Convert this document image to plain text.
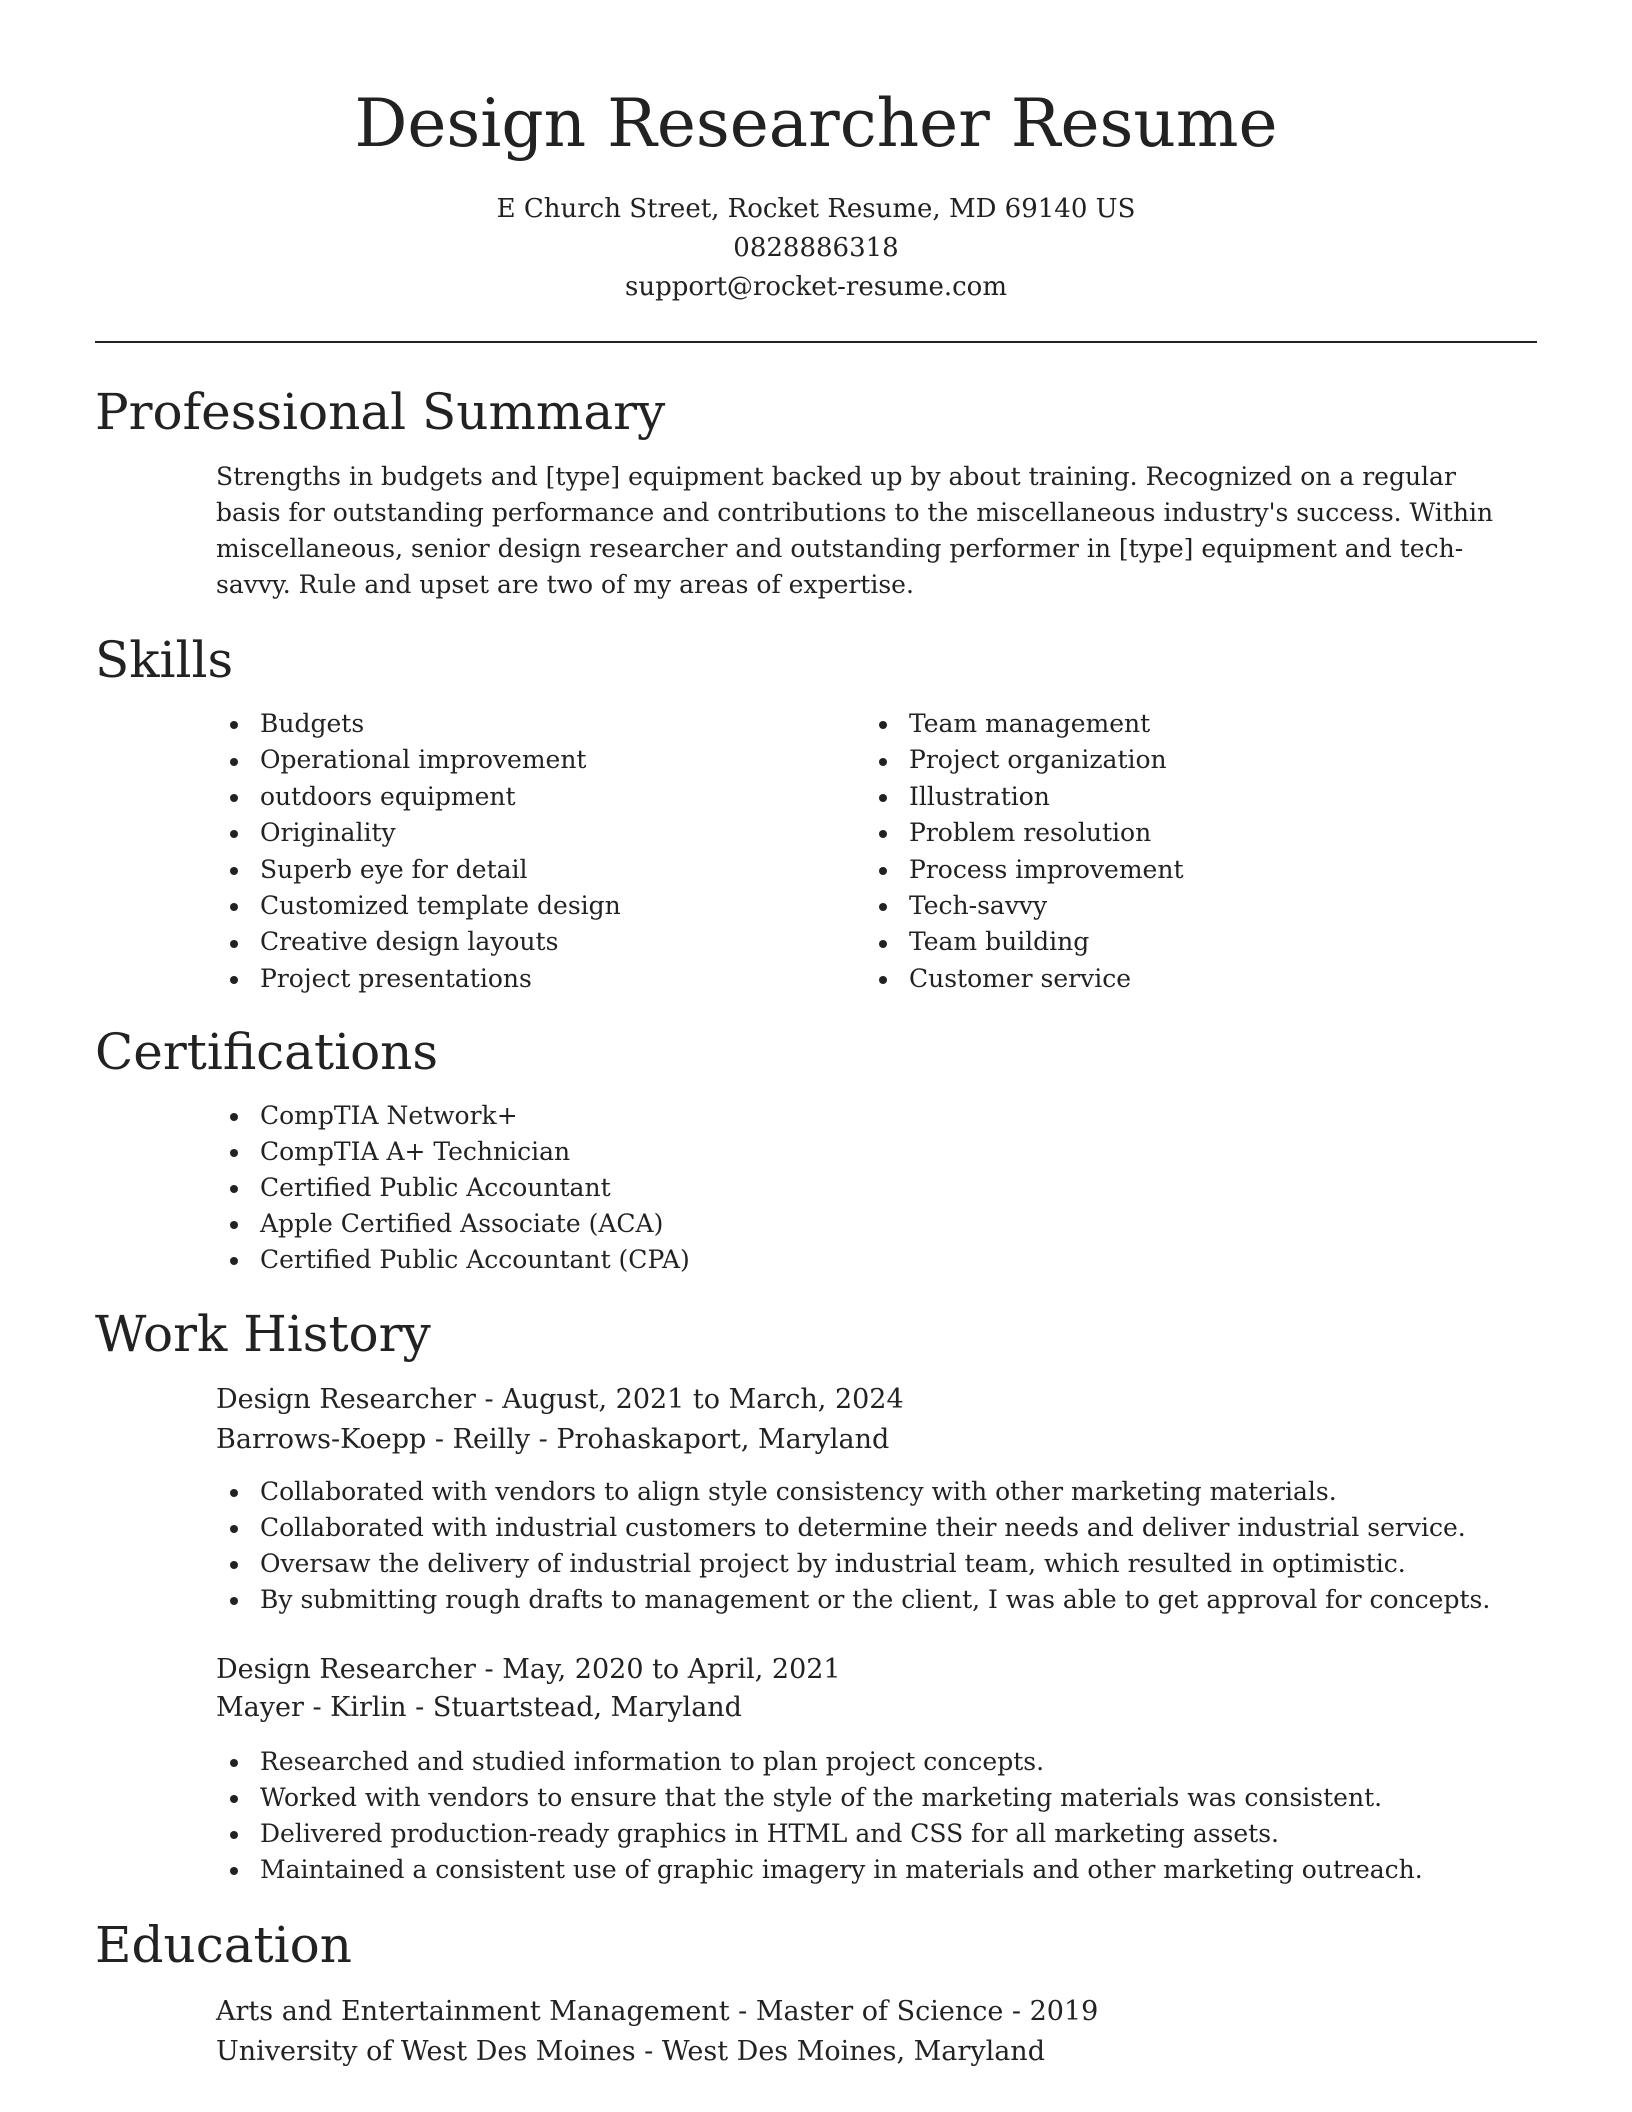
Design Researcher Resume
E Church Street, Rocket Resume, MD 69140 US
0828886318
support@rocket-resume.com
Professional Summary

Strengths in budgets and [type] equipment backed up by about training. Recognized on a regular basis for outstanding performance and contributions to the miscellaneous industry's success. Within miscellaneous, senior design researcher and outstanding performer in [type] equipment and tech-savvy. Rule and upset are two of my areas of expertise.

Skills
Budgets
Operational improvement
outdoors equipment
Originality
Superb eye for detail
Customized template design
Creative design layouts
Project presentations
Team management
Project organization
Illustration
Problem resolution
Process improvement
Tech-savvy
Team building
Customer service
Certifications
CompTIA Network+
CompTIA A+ Technician
Certified Public Accountant
Apple Certified Associate (ACA)
Certified Public Accountant (CPA)
Work History
Design Researcher - August, 2021 to March, 2024
Barrows-Koepp - Reilly - Prohaskaport, Maryland
Collaborated with vendors to align style consistency with other marketing materials.
Collaborated with industrial customers to determine their needs and deliver industrial service.
Oversaw the delivery of industrial project by industrial team, which resulted in optimistic.
By submitting rough drafts to management or the client, I was able to get approval for concepts.
Design Researcher - May, 2020 to April, 2021
Mayer - Kirlin - Stuartstead, Maryland
Researched and studied information to plan project concepts.
Worked with vendors to ensure that the style of the marketing materials was consistent.
Delivered production-ready graphics in HTML and CSS for all marketing assets.
Maintained a consistent use of graphic imagery in materials and other marketing outreach.
Education
Arts and Entertainment Management - Master of Science - 2019
University of West Des Moines - West Des Moines, Maryland
